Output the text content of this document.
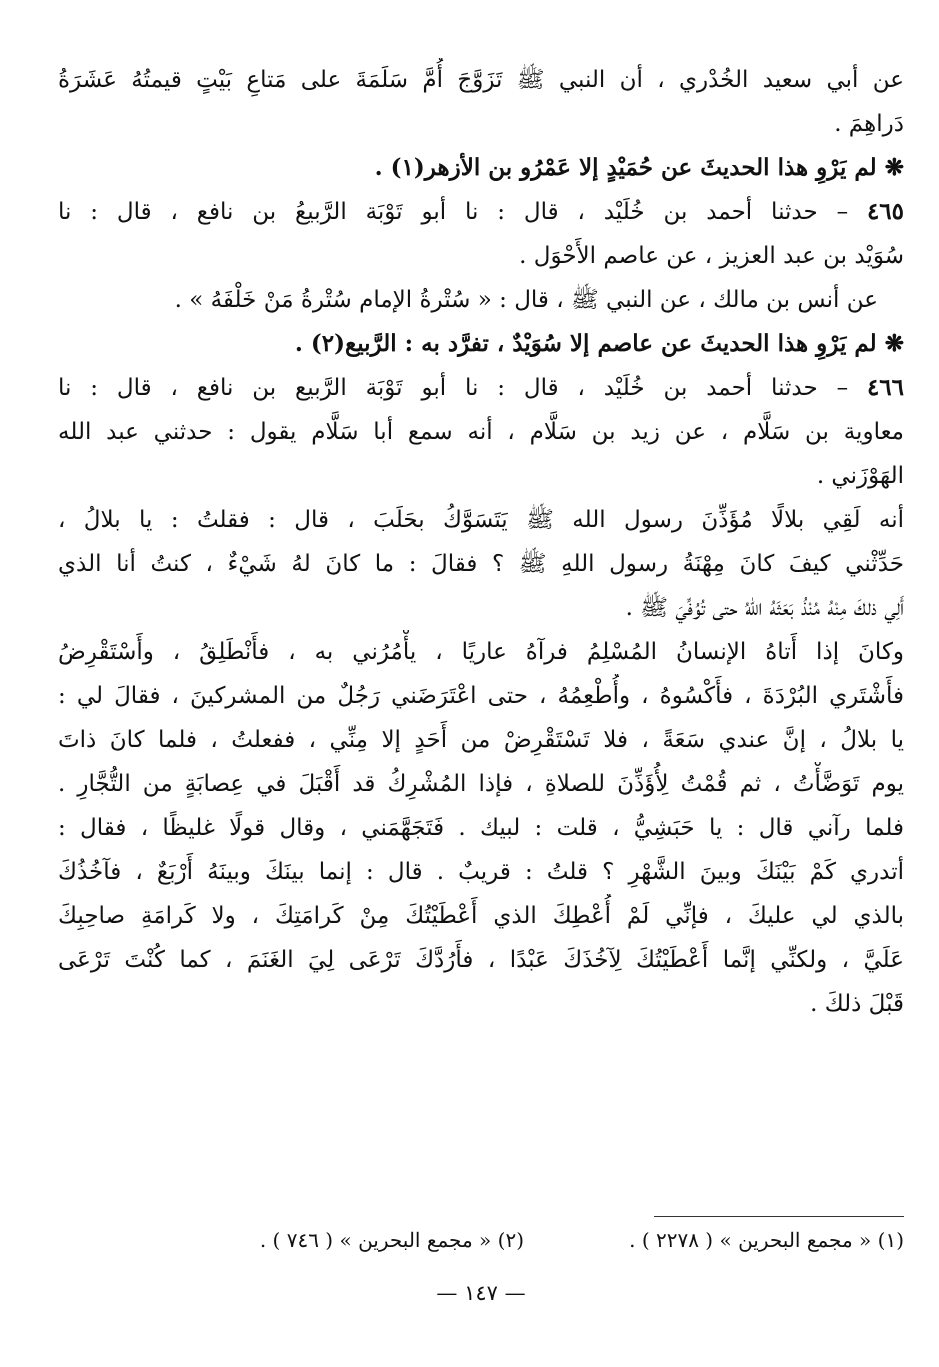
عن أبي سعيد الخُدْري ، أن النبي ﷺ تَزَوَّجَ أُمَّ سَلَمَةَ على مَتاعِ بَيْتٍ قيمتُهُ عَشَرَةُ
دَراهِمَ .
❋ لم يَرْوِ هذا الحديثَ عن حُمَيْدٍ إلا عَمْرُو بن الأزهر(١) .
٤٦٥ – حدثنا أحمد بن خُلَيْد ، قال : نا أبو تَوْبَة الرَّبيعُ بن نافع ، قال : نا
سُوَيْد بن عبد العزيز ، عن عاصم الأَحْوَل .
عن أنس بن مالك ، عن النبي ﷺ ، قال : « سُتْرةُ الإمام سُتْرةُ مَنْ خَلْفَهُ » .
❋ لم يَرْوِ هذا الحديثَ عن عاصم إلا سُوَيْدٌ ، تفرَّد به : الرَّبيع(٢) .
٤٦٦ – حدثنا أحمد بن خُلَيْد ، قال : نا أبو تَوْبَة الرَّبيع بن نافع ، قال : نا
معاوية بن سَلَّام ، عن زيد بن سَلَّام ، أنه سمع أبا سَلَّام يقول : حدثني عبد الله
الهَوْزَني .
أنه لَقِي بلالًا مُؤَذِّنَ رسول الله ﷺ يَتَسَوَّكُ بحَلَبَ ، قال : فقلتُ : يا بلالُ ،
حَدِّثْني كيفَ كانَ مِهْنَةُ رسول اللهِ ﷺ ؟ فقالَ : ما كانَ لهُ شَيْءٌ ، كنتُ أنا الذي
أَلِي ذلكَ مِنْهُ مُنْذُ بَعَثَهُ اللهُ حتى تُوُفِّيَ ﷺ .
وكانَ إذا أَتاهُ الإنسانُ المُسْلِمُ فرآهُ عاريًا ، يأْمُرُني به ، فأَنْطَلِقُ ، وأَسْتَقْرِضُ
فأَشْتَري البُرْدَةَ ، فأَكْسُوهُ ، وأُطْعِمُهُ ، حتى اعْتَرَضَني رَجُلٌ من المشركينَ ، فقالَ لي :
يا بلالُ ، إنَّ عندي سَعَةً ، فلا تَسْتَقْرِضْ من أَحَدٍ إلا مِنِّي ، ففعلتُ ، فلما كانَ ذاتَ
يوم تَوَضَّأْتُ ، ثم قُمْتُ لِأُؤَذِّنَ للصلاةِ ، فإذا المُشْرِكُ قد أَقْبَلَ في عِصابَةٍ من التُّجَّارِ .
فلما رآني قال : يا حَبَشِيُّ ، قلت : لبيك . فَتَجَهَّمَني ، وقال قولًا غليظًا ، فقال :
أتدري كَمْ بَيْنَكَ وبينَ الشَّهْرِ ؟ قلتُ : قريبٌ . قال : إنما بينَكَ وبينَهُ أَرْبَعٌ ، فآخُذُكَ
بالذي لي عليكَ ، فإنِّي لَمْ أُعْطِكَ الذي أَعْطَيْتُكَ مِنْ كَرامَتِكَ ، ولا كَرامَةِ صاحِبِكَ
عَلَيَّ ، ولكنِّي إنَّما أَعْطَيْتُكَ لِآخُذَكَ عَبْدًا ، فأَرُدَّكَ تَرْعَى لِيَ الغَنَمَ ، كما كُنْتَ تَرْعَى
قَبْلَ ذلكَ .
(١) « مجمع البحرين » ( ٢٢٧٨ ) .
(٢) « مجمع البحرين » ( ٧٤٦ ) .
— ١٤٧ —
